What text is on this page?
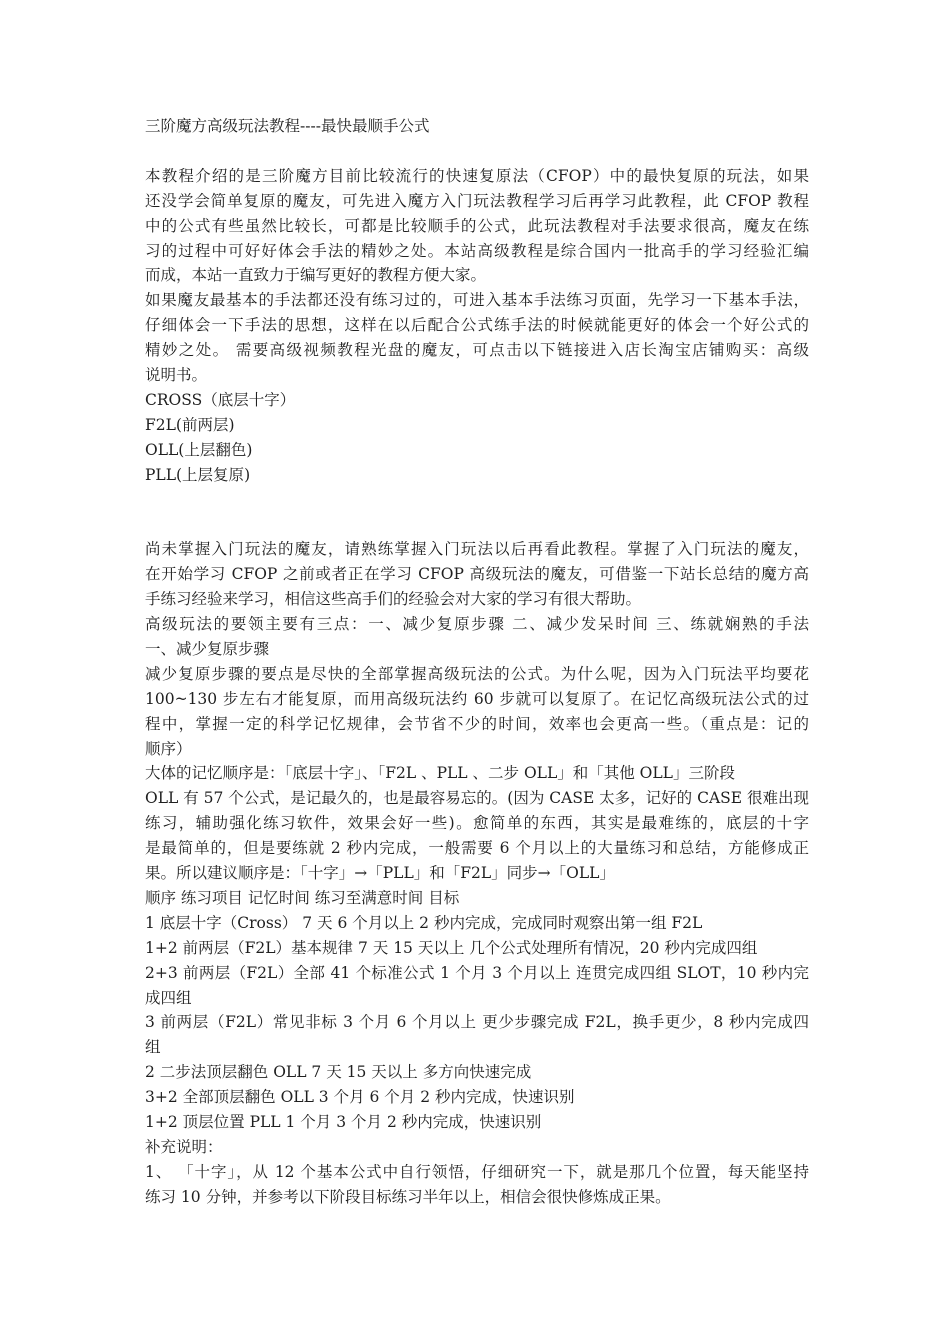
三阶魔方高级玩法教程----最快最顺手公式
本教程介绍的是三阶魔方目前比较流行的快速复原法（CFOP）中的最快复原的玩法，如果
还没学会简单复原的魔友，可先进入魔方入门玩法教程学习后再学习此教程，此 CFOP 教程
中的公式有些虽然比较长，可都是比较顺手的公式，此玩法教程对手法要求很高，魔友在练
习的过程中可好好体会手法的精妙之处。本站高级教程是综合国内一批高手的学习经验汇编
而成，本站一直致力于编写更好的教程方便大家。
如果魔友最基本的手法都还没有练习过的，可进入基本手法练习页面，先学习一下基本手法，
仔细体会一下手法的思想，这样在以后配合公式练手法的时候就能更好的体会一个好公式的
精妙之处。 需要高级视频教程光盘的魔友，可点击以下链接进入店长淘宝店铺购买：高级
说明书。
CROSS（底层十字）
F2L(前两层)
OLL(上层翻色)
PLL(上层复原)
尚未掌握入门玩法的魔友，请熟练掌握入门玩法以后再看此教程。掌握了入门玩法的魔友，
在开始学习 CFOP 之前或者正在学习 CFOP 高级玩法的魔友，可借鉴一下站长总结的魔方高
手练习经验来学习，相信这些高手们的经验会对大家的学习有很大帮助。
高级玩法的要领主要有三点：一、减少复原步骤 二、减少发呆时间 三、练就娴熟的手法
一、减少复原步骤
减少复原步骤的要点是尽快的全部掌握高级玩法的公式。为什么呢，因为入门玩法平均要花
100~130 步左右才能复原，而用高级玩法约 60 步就可以复原了。在记忆高级玩法公式的过
程中，掌握一定的科学记忆规律，会节省不少的时间，效率也会更高一些。（重点是：记的
顺序）
大体的记忆顺序是：「底层十字」、「F2L 、PLL 、二步 OLL」和「其他 OLL」三阶段
OLL 有 57 个公式，是记最久的，也是最容易忘的。(因为 CASE 太多，记好的 CASE 很难出现
练习，辅助强化练习软件，效果会好一些)。愈简单的东西，其实是最难练的，底层的十字
是最简单的，但是要练就 2 秒内完成，一般需要 6 个月以上的大量练习和总结，方能修成正
果。所以建议顺序是：「十字」→「PLL」和「F2L」同步→「OLL」
顺序 练习项目 记忆时间 练习至满意时间 目标
1 底层十字（Cross） 7 天 6 个月以上 2 秒内完成，完成同时观察出第一组 F2L
1+2 前两层（F2L）基本规律 7 天 15 天以上 几个公式处理所有情况，20 秒内完成四组
2+3 前两层（F2L）全部 41 个标准公式 1 个月 3 个月以上 连贯完成四组 SLOT，10 秒内完
成四组
3 前两层（F2L）常见非标 3 个月 6 个月以上 更少步骤完成 F2L，换手更少，8 秒内完成四
组
2 二步法顶层翻色 OLL 7 天 15 天以上 多方向快速完成
3+2 全部顶层翻色 OLL 3 个月 6 个月 2 秒内完成，快速识别
1+2 顶层位置 PLL 1 个月 3 个月 2 秒内完成，快速识别
补充说明：
1、 「十字」，从 12 个基本公式中自行领悟，仔细研究一下，就是那几个位置，每天能坚持
练习 10 分钟，并参考以下阶段目标练习半年以上，相信会很快修炼成正果。
